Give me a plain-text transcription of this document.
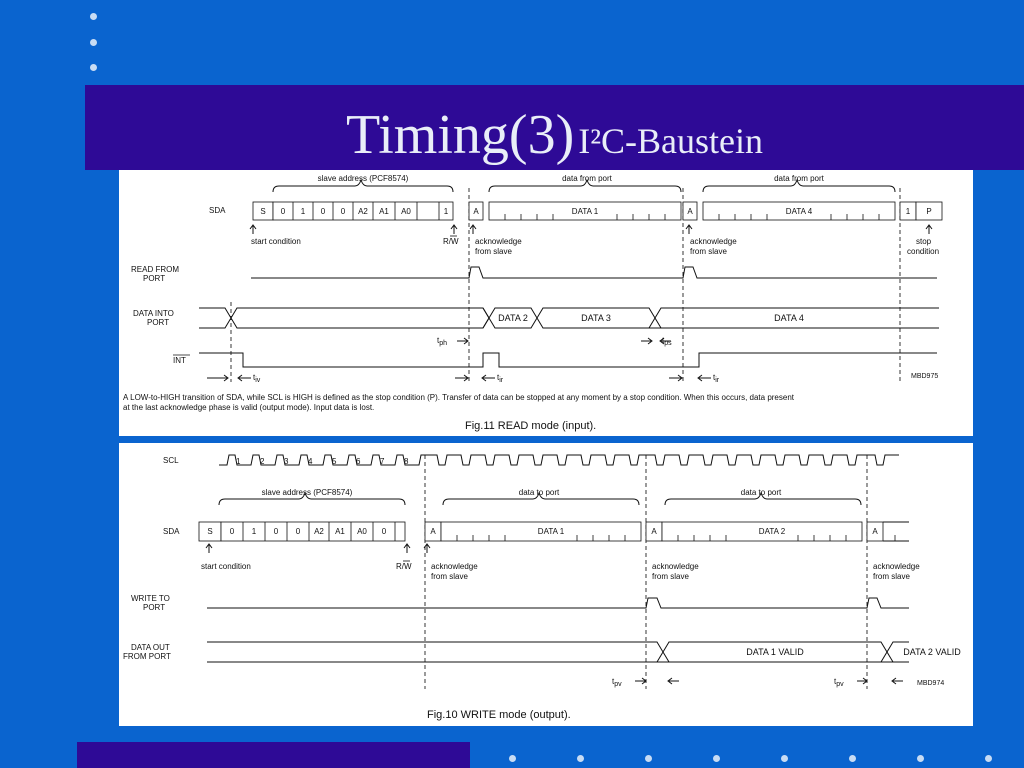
Timing(3) I²C-Baustein
slave address (PCF8574)	data from port	data from port
SDA	S 0 1 0 0 A2 A1 A0	1	A	DATA 1	A	DATA 4	1 P
start condition	R/W acknowledge
from slave
acknowledge
from slave
stop
condition
READ FROM
PORT
DATA INTO
PORT	DATA 2	DATA 3	DATA 4
tph	tps
INT
MBD975
tiv	tir	tir
A LOW-to-HIGH transition of SDA, while SCL is HIGH is defined as the stop condition (P). Transfer of data can be stopped at any moment by a stop condition. When this occurs, data present
at the last acknowledge phase is valid (output mode). Input data is lost.
Fig.11 READ mode (input).
SCL	1 2 3 4 5 6 7 8
slave address (PCF8574)	data to port	data to port
SDA	S 0 1 0 0 A2 A1 A0 0	A	DATA 1	A	DATA 2	A
start condition	R/W acknowledge
from slave
acknowledge
from slave
acknowledge
from slave
WRITE TO
PORT
DATA OUT
FROM PORT	DATA 1 VALID	DATA 2 VALID
tpv	tpv	MBD974
Fig.10 WRITE mode (output).
